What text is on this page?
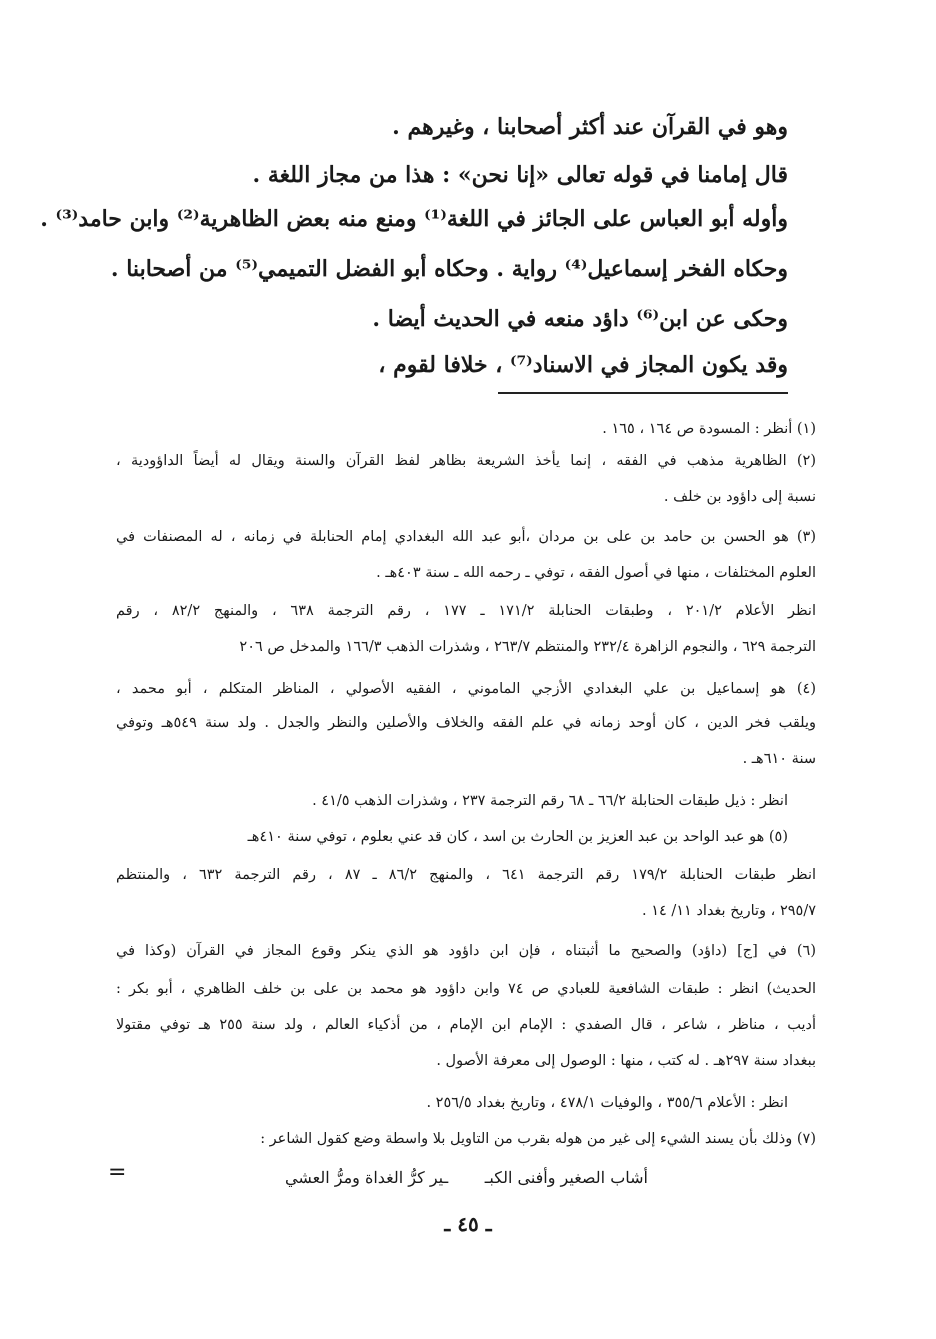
وهو في القرآن عند أكثر أصحابنا ، وغيرهم .
قال إمامنا في قوله تعالى «إنا نحن» : هذا من مجاز اللغة .
وأوله أبو العباس على الجائز في اللغة⁽¹⁾ ومنع منه بعض الظاهرية⁽²⁾ وابن حامد⁽³⁾ .
وحكاه الفخر إسماعيل⁽⁴⁾ رواية . وحكاه أبو الفضل التميمي⁽⁵⁾ من أصحابنا .
وحكى عن ابن⁽⁶⁾ داؤد منعه في الحديث أيضا .
وقد يكون المجاز في الاسناد⁽⁷⁾ ، خلافا لقوم ،
(١) أنظر : المسودة ص ١٦٤ ، ١٦٥ .
(٢) الظاهرية مذهب في الفقه ، إنما يأخذ الشريعة بظاهر لفظ القرآن والسنة ويقال له أيضاً الداؤودية ،
نسبة إلى داؤود بن خلف .
(٣) هو الحسن بن حامد بن على بن مردان ،أبو عبد الله البغدادي إمام الحنابلة في زمانه ، له المصنفات في
العلوم المختلفات ، منها في أصول الفقه ، توفي ـ رحمه الله ـ سنة ٤٠٣هـ .
انظر الأعلام ٢٠١/٢ ، وطبقات الحنابلة ١٧١/٢ ـ ١٧٧ ، رقم الترجمة ٦٣٨ ، والمنهج ٨٢/٢ ، رقم
الترجمة ٦٢٩ ، والنجوم الزاهرة ٢٣٢/٤ والمنتظم ٢٦٣/٧ ، وشذرات الذهب ١٦٦/٣ والمدخل ص ٢٠٦
(٤) هو إسماعيل بن علي البغدادي الأزجي الماموني ، الفقيه الأصولي ، المناظر المتكلم ، أبو محمد ،
ويلقب فخر الدين ، كان أوحد زمانه في علم الفقه والخلاف والأصلين والنظر والجدل . ولد سنة ٥٤٩هـ وتوفي
سنة ٦١٠هـ .
انظر : ذيل طبقات الحنابلة ٦٦/٢ ـ ٦٨ رقم الترجمة ٢٣٧ ، وشذرات الذهب ٤١/٥ .
(٥) هو عبد الواحد بن عبد العزيز بن الحارث بن اسد ، كان قد عني بعلوم ، توفي سنة ٤١٠هـ
انظر طبقات الحنابلة ١٧٩/٢ رقم الترجمة ٦٤١ ، والمنهج ٨٦/٢ ـ ٨٧ ، رقم الترجمة ٦٣٢ ، والمنتظم
٢٩٥/٧ ، وتاريخ بغداد ١١/ ١٤ .
(٦) في [ج] (داؤد) والصحيح ما أثبتناه ، فإن ابن داؤود هو الذي ينكر وقوع المجاز في القرآن (وكذا في
الحديث) انظر : طبقات الشافعية للعبادي ص ٧٤ وابن داؤود هو محمد بن على بن خلف الظاهري ، أبو بكر :
أديب ، مناظر ، شاعر ، قال الصفدي : الإمام ابن الإمام ، من أذكياء العالم ، ولد سنة ٢٥٥ هـ توفي مقتولا
ببغداد سنة ٢٩٧هـ . له كتب ، منها : الوصول إلى معرفة الأصول .
انظر : الأعلام ٣٥٥/٦ ، والوفيات ٤٧٨/١ ، وتاريخ بغداد ٢٥٦/٥ .
(٧) وذلك بأن يسند الشيء إلى غير من هوله بقرب من التاويل بلا واسطة وضع كقول الشاعر :
أشاب الصغير وأفنى الكبـ
ـير كرُّ الغداة ومرُّ العشي
=
ـ ٤٥ ـ
